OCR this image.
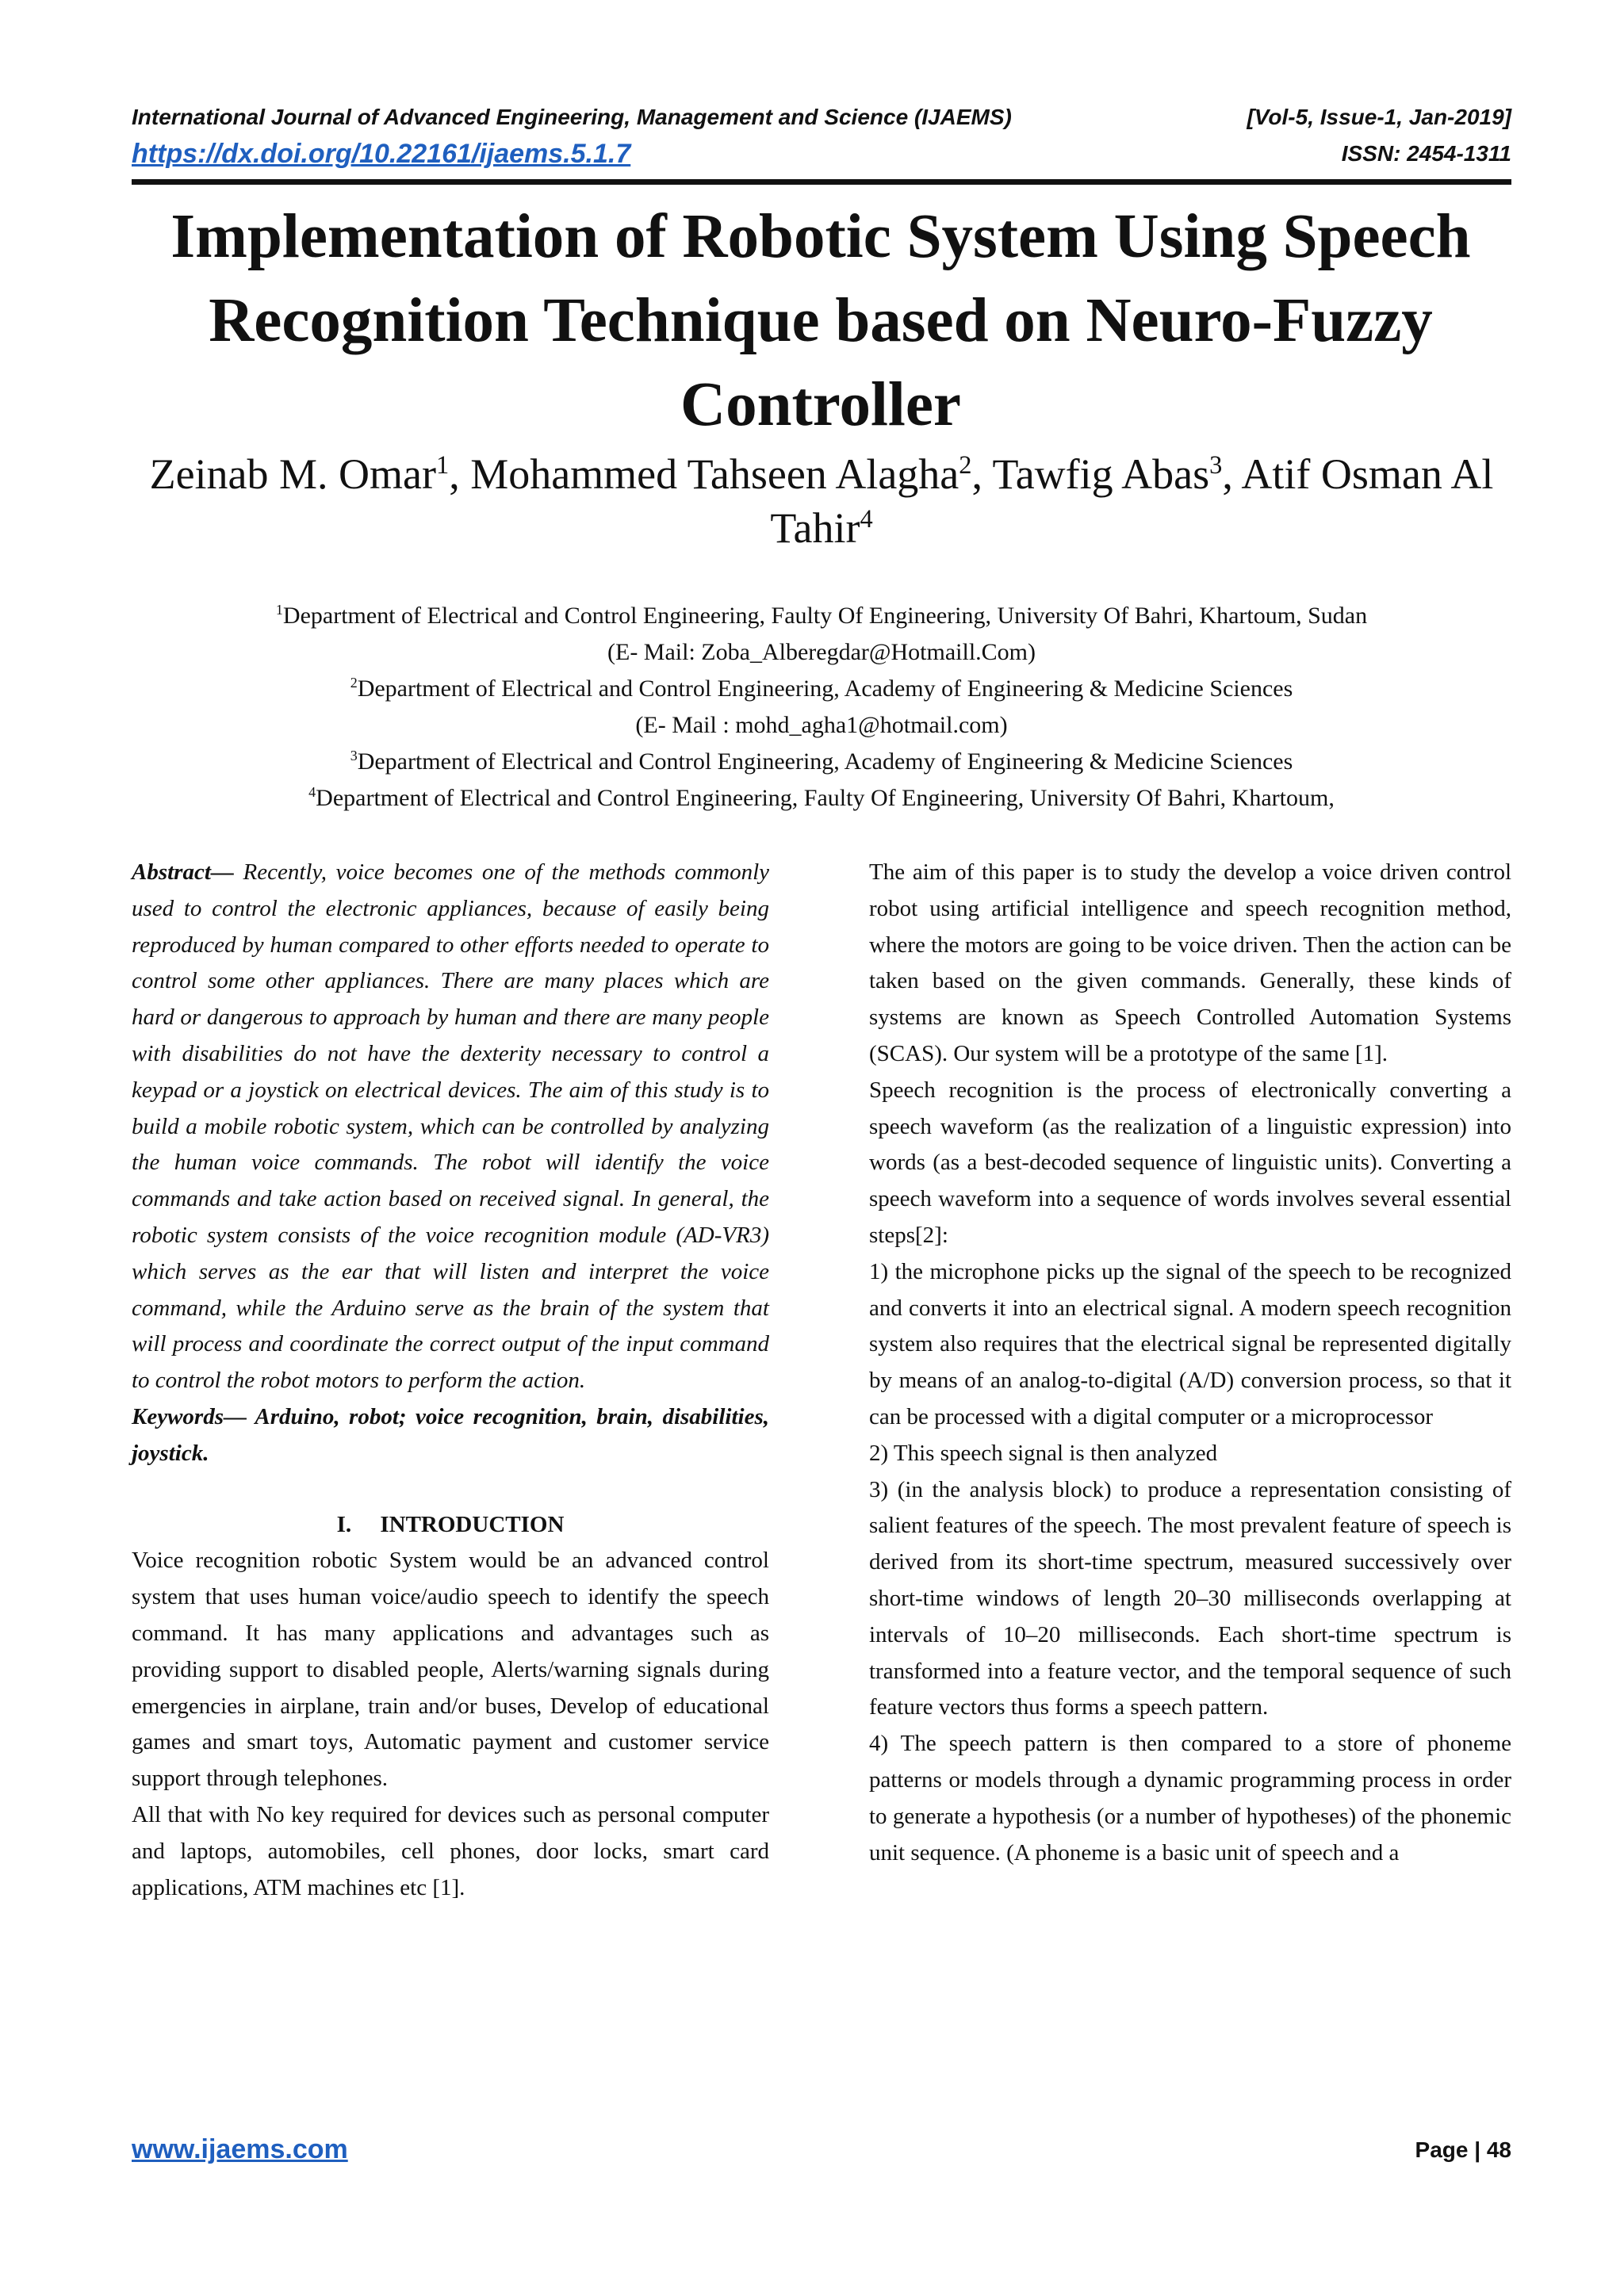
International Journal of Advanced Engineering, Management and Science (IJAEMS)	[Vol-5, Issue-1, Jan-2019]
https://dx.doi.org/10.22161/ijaems.5.1.7	ISSN: 2454-1311
Implementation of Robotic System Using Speech Recognition Technique based on Neuro-Fuzzy Controller
Zeinab M. Omar$^1$, Mohammed Tahseen Alagha$^2$, Tawfig Abas$^3$, Atif Osman Al Tahir$^4$

$^1$Department of Electrical and Control Engineering, Faulty Of Engineering, University Of Bahri, Khartoum, Sudan

(E- Mail: Zoba_Alberegdar@Hotmaill.Com)

$^2$Department of Electrical and Control Engineering, Academy of Engineering & Medicine Sciences

(E- Mail : mohd_agha1@hotmail.com)

$^3$Department of Electrical and Control Engineering, Academy of Engineering & Medicine Sciences

$^4$Department of Electrical and Control Engineering, Faulty Of Engineering, University Of Bahri, Khartoum,

Abstract— Recently, voice becomes one of the methods commonly used to control the electronic appliances, because of easily being reproduced by human compared to other efforts needed to operate to control some other appliances. There are many places which are hard or dangerous to approach by human and there are many people with disabilities do not have the dexterity necessary to control a keypad or a joystick on electrical devices. The aim of this study is to build a mobile robotic system, which can be controlled by analyzing the human voice commands. The robot will identify the voice commands and take action based on received signal. In general, the robotic system consists of the voice recognition module (AD-VR3) which serves as the ear that will listen and interpret the voice command, while the Arduino serve as the brain of the system that will process and coordinate the correct output of the input command to control the robot motors to perform the action.

Keywords— Arduino, robot; voice recognition, brain, disabilities, joystick.

I.     INTRODUCTION

Voice recognition robotic System would be an advanced control system that uses human voice/audio speech to identify the speech command. It has many applications and advantages such as providing support to disabled people, Alerts/warning signals during emergencies in airplane, train and/or buses, Develop of educational games and smart toys, Automatic payment and customer service support through telephones.

All that with No key required for devices such as personal computer and laptops, automobiles, cell phones, door locks, smart card applications, ATM machines etc [1].

The aim of this paper is to study the develop a voice driven control robot using artificial intelligence and speech recognition method, where the motors are going to be voice driven. Then the action can be taken based on the given commands. Generally, these kinds of systems are known as Speech Controlled Automation Systems (SCAS). Our system will be a prototype of the same [1].

Speech recognition is the process of electronically converting a speech waveform (as the realization of a linguistic expression) into words (as a best-decoded sequence of linguistic units). Converting a speech waveform into a sequence of words involves several essential steps[2]:

1) the microphone picks up the signal of the speech to be recognized and converts it into an electrical signal. A modern speech recognition system also requires that the electrical signal be represented digitally by means of an analog-to-digital (A/D) conversion process, so that it can be processed with a digital computer or a microprocessor

2) This speech signal is then analyzed

3) (in the analysis block) to produce a representation consisting of salient features of the speech. The most prevalent feature of speech is derived from its short-time spectrum, measured successively over short-time windows of length 20–30 milliseconds overlapping at intervals of 10–20 milliseconds. Each short-time spectrum is transformed into a feature vector, and the temporal sequence of such feature vectors thus forms a speech pattern.

4) The speech pattern is then compared to a store of phoneme patterns or models through a dynamic programming process in order to generate a hypothesis (or a number of hypotheses) of the phonemic unit sequence. (A phoneme is a basic unit of speech and a

www.ijaems.com	Page | 48
